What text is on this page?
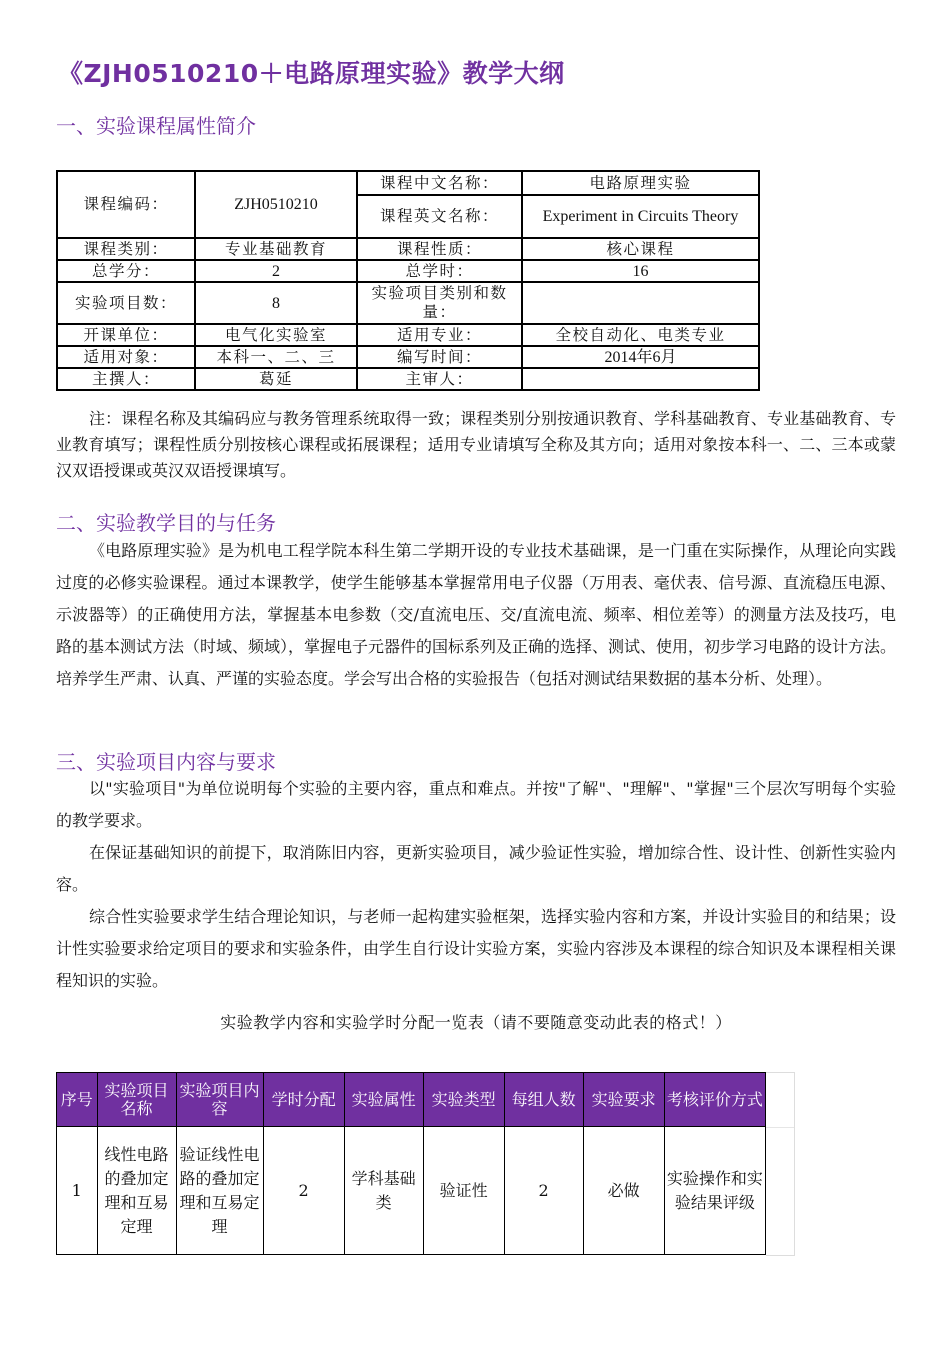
《ZJH0510210＋电路原理实验》教学大纲
一、实验课程属性简介
课程编码：	ZJH0510210	课程中文名称：	电路原理实验
		课程英文名称：	Experiment in Circuits Theory
课程类别：	专业基础教育	课程性质：	核心课程
总学分：	2	总学时：	16
实验项目数：	8	实验项目类别和数量：	
开课单位：	电气化实验室	适用专业：	全校自动化、电类专业
适用对象：	本科一、二、三	编写时间：	2014年6月
主撰人：	葛延	主审人：	

注：课程名称及其编码应与教务管理系统取得一致；课程类别分别按通识教育、学科基础教育、专业基础教育、专业教育填写；课程性质分别按核心课程或拓展课程；适用专业请填写全称及其方向；适用对象按本科一、二、三本或蒙汉双语授课或英汉双语授课填写。

二、实验教学目的与任务

《电路原理实验》是为机电工程学院本科生第二学期开设的专业技术基础课，是一门重在实际操作，从理论向实践过度的必修实验课程。通过本课教学，使学生能够基本掌握常用电子仪器（万用表、毫伏表、信号源、直流稳压电源、示波器等）的正确使用方法，掌握基本电参数（交/直流电压、交/直流电流、频率、相位差等）的测量方法及技巧，电路的基本测试方法（时域、频域），掌握电子元器件的国标系列及正确的选择、测试、使用，初步学习电路的设计方法。培养学生严肃、认真、严谨的实验态度。学会写出合格的实验报告（包括对测试结果数据的基本分析、处理）。

三、实验项目内容与要求

以"实验项目"为单位说明每个实验的主要内容，重点和难点。并按"了解"、"理解"、"掌握"三个层次写明每个实验的教学要求。

在保证基础知识的前提下，取消陈旧内容，更新实验项目，减少验证性实验，增加综合性、设计性、创新性实验内容。

综合性实验要求学生结合理论知识，与老师一起构建实验框架，选择实验内容和方案，并设计实验目的和结果；设计性实验要求给定项目的要求和实验条件，由学生自行设计实验方案，实验内容涉及本课程的综合知识及本课程相关课程知识的实验。

实验教学内容和实验学时分配一览表（请不要随意变动此表的格式！）

序号	实验项目名称	实验项目内容	学时分配	实验属性	实验类型	每组人数	实验要求	考核评价方式
1	线性电路的叠加定理和互易定理	验证线性电路的叠加定理和互易定理	2	学科基础类	验证性	2	必做	实验操作和实验结果评级
